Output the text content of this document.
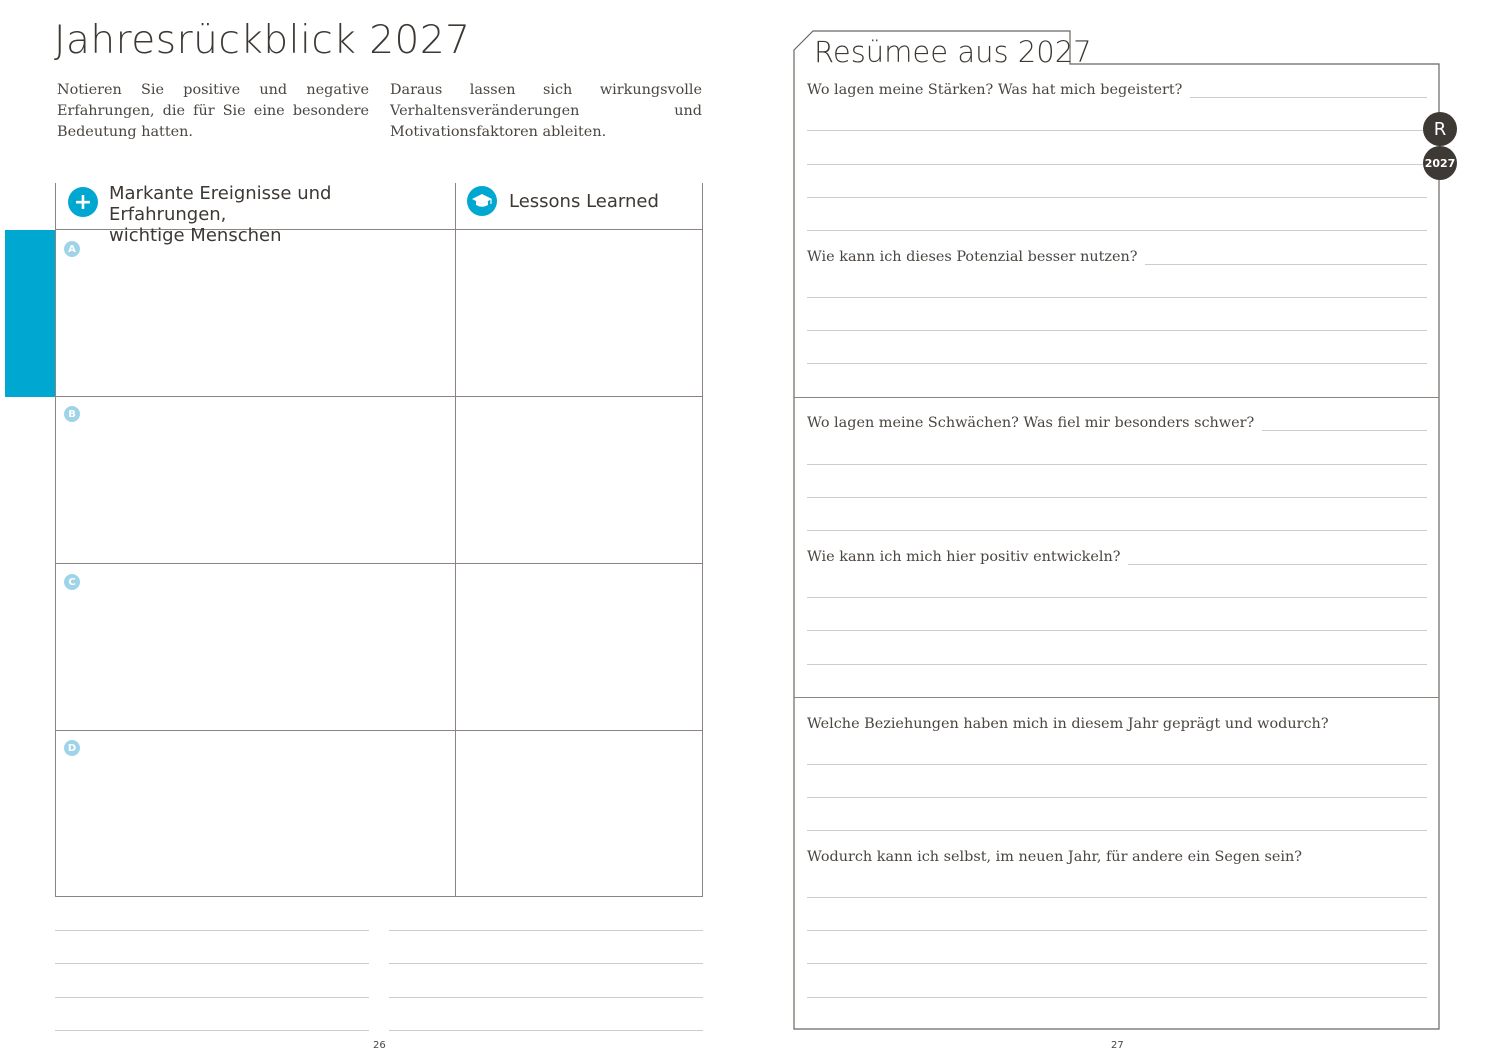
Jahresrückblick 2027
Notieren Sie positive und negative Erfahrungen, die für Sie eine besondere Bedeutung hatten.
Daraus lassen sich wirkungsvolle Verhaltensveränderungen und Motivationsfaktoren ableiten.
+ Markante Ereignisse und Erfahrungen,
wichtige Menschen
Lessons Learned
A
B
C
D
26
Resümee aus 2027
Wo lagen meine Stärken? Was hat mich begeistert?
Wie kann ich dieses Potenzial besser nutzen?
Wo lagen meine Schwächen? Was fiel mir besonders schwer?
Wie kann ich mich hier positiv entwickeln?
Welche Beziehungen haben mich in diesem Jahr geprägt und wodurch?
Wodurch kann ich selbst, im neuen Jahr, für andere ein Segen sein?
R
2027
27
